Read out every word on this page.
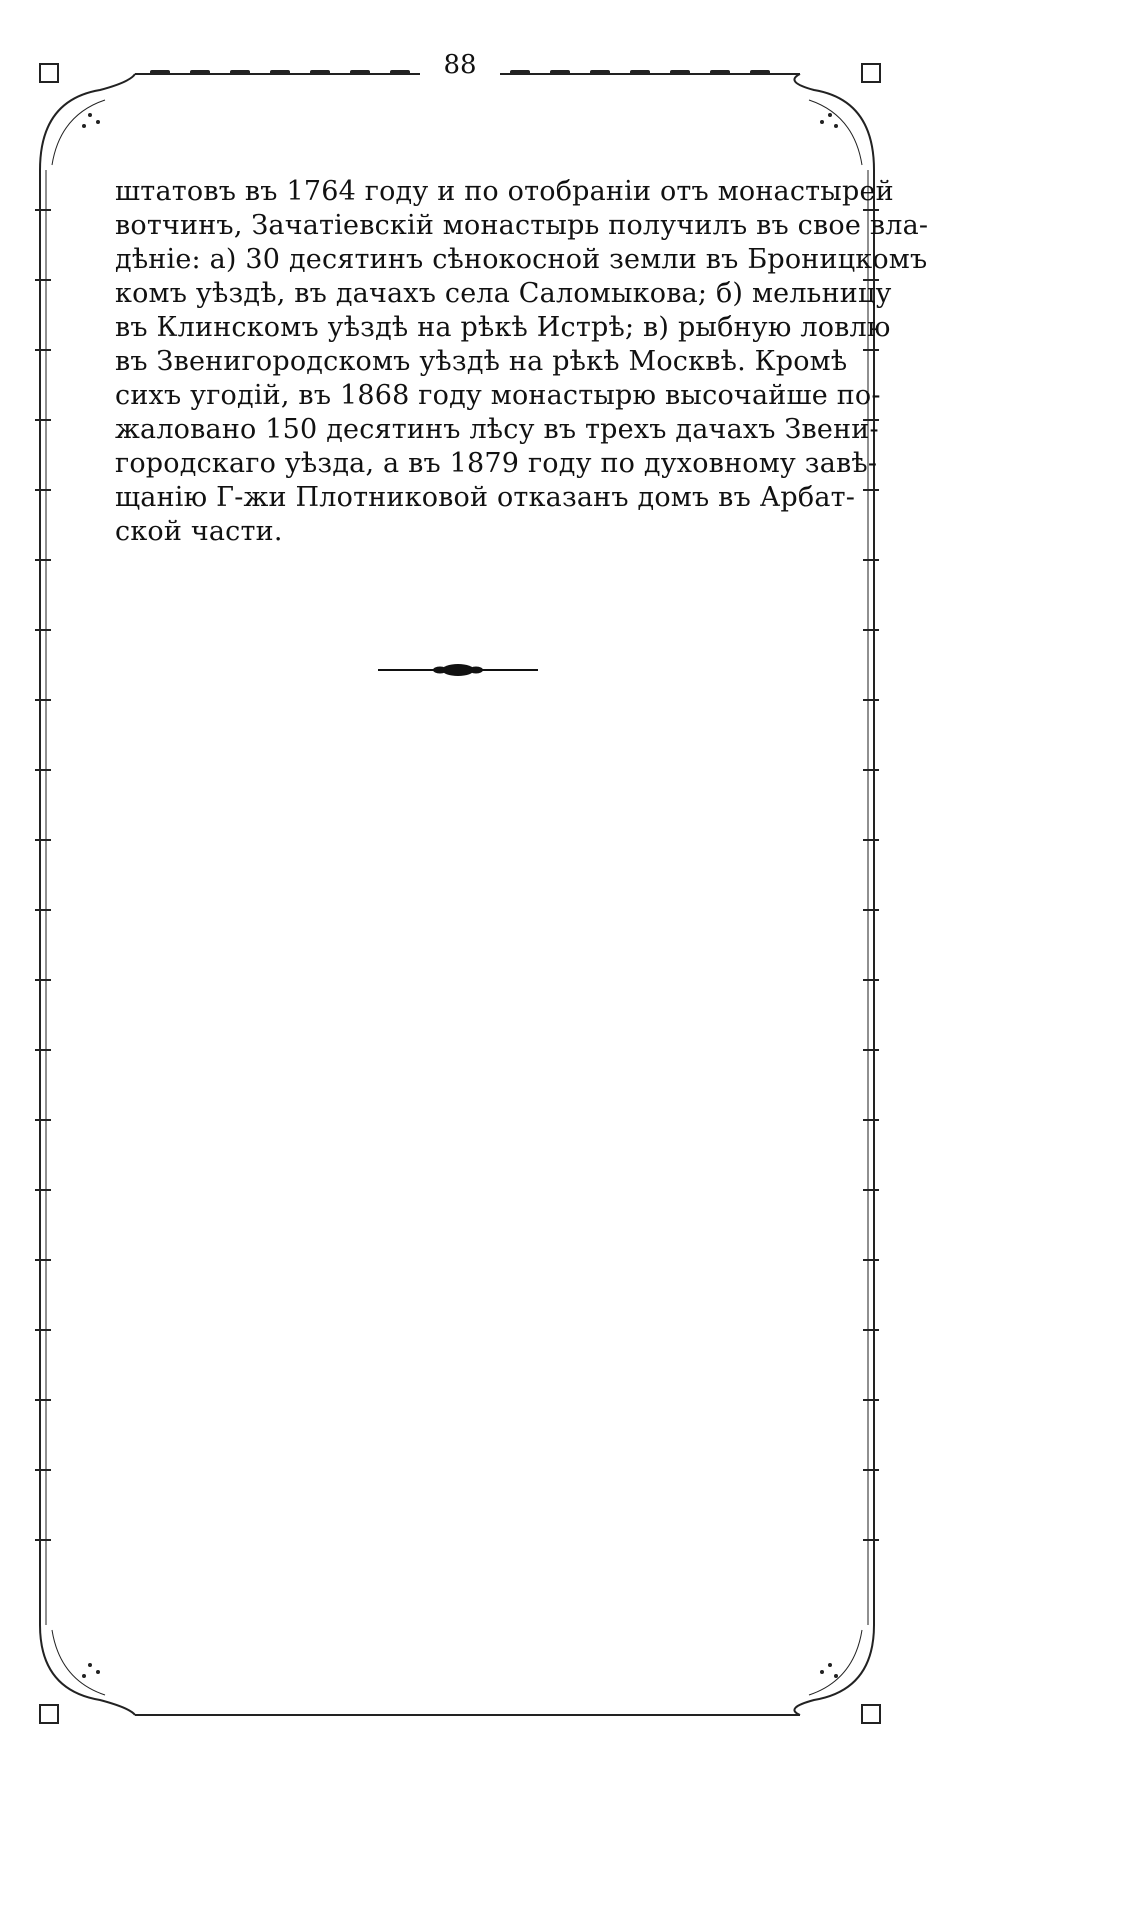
88
штатовъ въ 1764 году и по отобраніи отъ монастырей
вотчинъ, Зачатіевскій монастырь получилъ въ свое вла-
дѣніе: а) 30 десятинъ сѣнокосной земли въ Броницкомъ
комъ уѣздѣ, въ дачахъ села Саломыкова; б) мельницу
въ Клинскомъ уѣздѣ на рѣкѣ Истрѣ; в) рыбную ловлю
въ Звенигородскомъ уѣздѣ на рѣкѣ Москвѣ. Кромѣ
сихъ угодій, въ 1868 году монастырю высочайше по-
жаловано 150 десятинъ лѣсу въ трехъ дачахъ Звени-
городскаго уѣзда, а въ 1879 году по духовному завѣ-
щанію Г-жи Плотниковой отказанъ домъ въ Арбат-
ской части.
